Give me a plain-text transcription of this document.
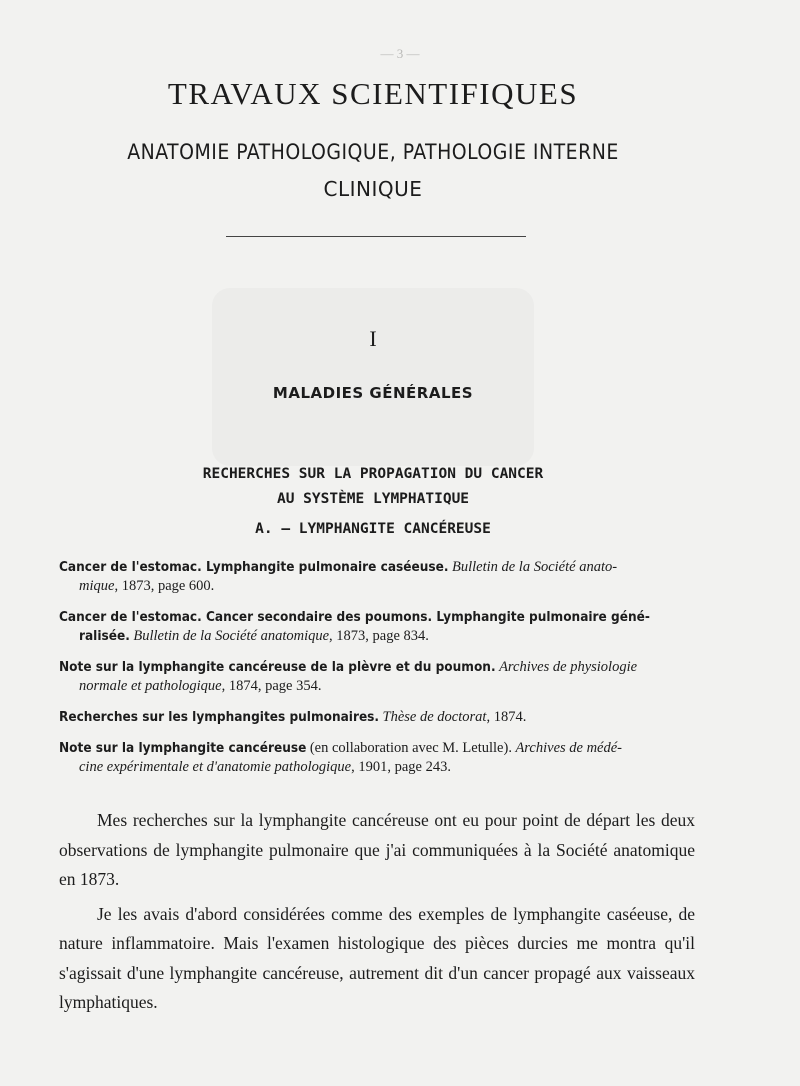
— 3 —
TRAVAUX SCIENTIFIQUES
ANATOMIE PATHOLOGIQUE, PATHOLOGIE INTERNE
CLINIQUE
I
MALADIES GÉNÉRALES
RECHERCHES SUR LA PROPAGATION DU CANCER
AU SYSTÈME LYMPHATIQUE
A. — LYMPHANGITE CANCÉREUSE
Cancer de l'estomac. Lymphangite pulmonaire caséeuse. Bulletin de la Société anato-
mique, 1873, page 600.
Cancer de l'estomac. Cancer secondaire des poumons. Lymphangite pulmonaire géné-
ralisée. Bulletin de la Société anatomique, 1873, page 834.
Note sur la lymphangite cancéreuse de la plèvre et du poumon. Archives de physiologie
normale et pathologique, 1874, page 354.
Recherches sur les lymphangites pulmonaires. Thèse de doctorat, 1874.
Note sur la lymphangite cancéreuse (en collaboration avec M. Letulle). Archives de médé-
cine expérimentale et d'anatomie pathologique, 1901, page 243.

Mes recherches sur la lymphangite cancéreuse ont eu pour point de départ les deux observations de lymphangite pulmonaire que j'ai communiquées à la Société anatomique en 1873.

Je les avais d'abord considérées comme des exemples de lymphangite caséeuse, de nature inflammatoire. Mais l'examen histologique des pièces durcies me montra qu'il s'agissait d'une lymphangite cancéreuse, autrement dit d'un cancer propagé aux vaisseaux lymphatiques.
